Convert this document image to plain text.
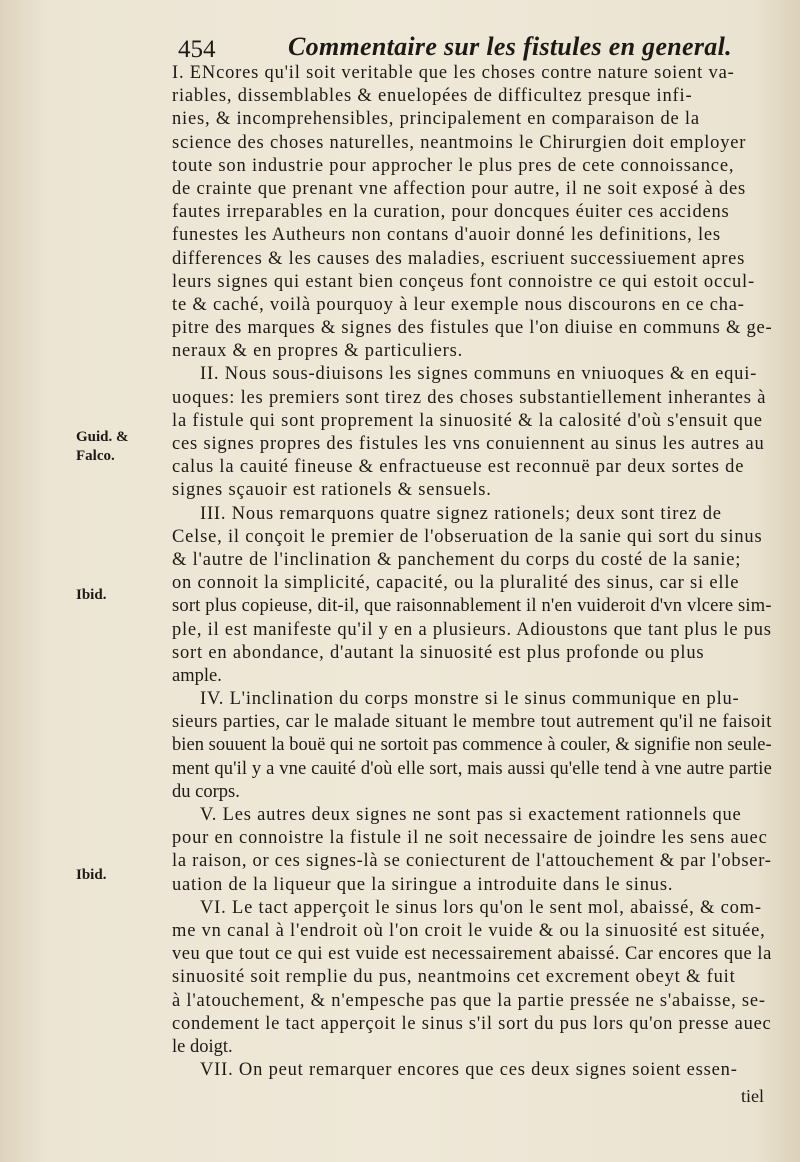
454	Commentaire sur les fistules en general.
Guid. & Falco.
Ibid.
Ibid.
I. ENcores qu'il soit veritable que les choses contre nature soient va-
riables, dissemblables & enuelopées de difficultez presque infi-
nies, & incomprehensibles, principalement en comparaison de la
science des choses naturelles, neantmoins le Chirurgien doit employer
toute son industrie pour approcher le plus pres de cete connoissance,
de crainte que prenant vne affection pour autre, il ne soit exposé à des
fautes irreparables en la curation, pour doncques éuiter ces accidens
funestes les Autheurs non contans d'auoir donné les definitions, les
differences & les causes des maladies, escriuent successiuement apres
leurs signes qui estant bien conçeus font connoistre ce qui estoit occul-
te & caché, voilà pourquoy à leur exemple nous discourons en ce cha-
pitre des marques & signes des fistules que l'on diuise en communs & ge-
neraux & en propres & particuliers.
II. Nous sous-diuisons les signes communs en vniuoques & en equi-
uoques: les premiers sont tirez des choses substantiellement inherantes à
la fistule qui sont proprement la sinuosité & la calosité d'où s'ensuit que
ces signes propres des fistules les vns conuiennent au sinus les autres au
calus la cauité fineuse & enfractueuse est reconnuë par deux sortes de
signes sçauoir est rationels & sensuels.
III. Nous remarquons quatre signez rationels; deux sont tirez de
Celse, il conçoit le premier de l'obseruation de la sanie qui sort du sinus
& l'autre de l'inclination & panchement du corps du costé de la sanie;
on connoit la simplicité, capacité, ou la pluralité des sinus, car si elle
sort plus copieuse, dit-il, que raisonnablement il n'en vuideroit d'vn vlcere sim-
ple, il est manifeste qu'il y en a plusieurs. Adioustons que tant plus le pus
sort en abondance, d'autant la sinuosité est plus profonde ou plus
ample.
IV. L'inclination du corps monstre si le sinus communique en plu-
sieurs parties, car le malade situant le membre tout autrement qu'il ne faisoit
bien souuent la bouë qui ne sortoit pas commence à couler, & signifie non seule-
ment qu'il y a vne cauité d'où elle sort, mais aussi qu'elle tend à vne autre partie
du corps.
V. Les autres deux signes ne sont pas si exactement rationnels que
pour en connoistre la fistule il ne soit necessaire de joindre les sens auec
la raison, or ces signes-là se coniecturent de l'attouchement & par l'obser-
uation de la liqueur que la siringue a introduite dans le sinus.
VI. Le tact apperçoit le sinus lors qu'on le sent mol, abaissé, & com-
me vn canal à l'endroit où l'on croit le vuide & ou la sinuosité est située,
veu que tout ce qui est vuide est necessairement abaissé. Car encores que la
sinuosité soit remplie du pus, neantmoins cet excrement obeyt & fuit
à l'atouchement, & n'empesche pas que la partie pressée ne s'abaisse, se-
condement le tact apperçoit le sinus s'il sort du pus lors qu'on presse auec
le doigt.
VII. On peut remarquer encores que ces deux signes soient essen-
tiel
